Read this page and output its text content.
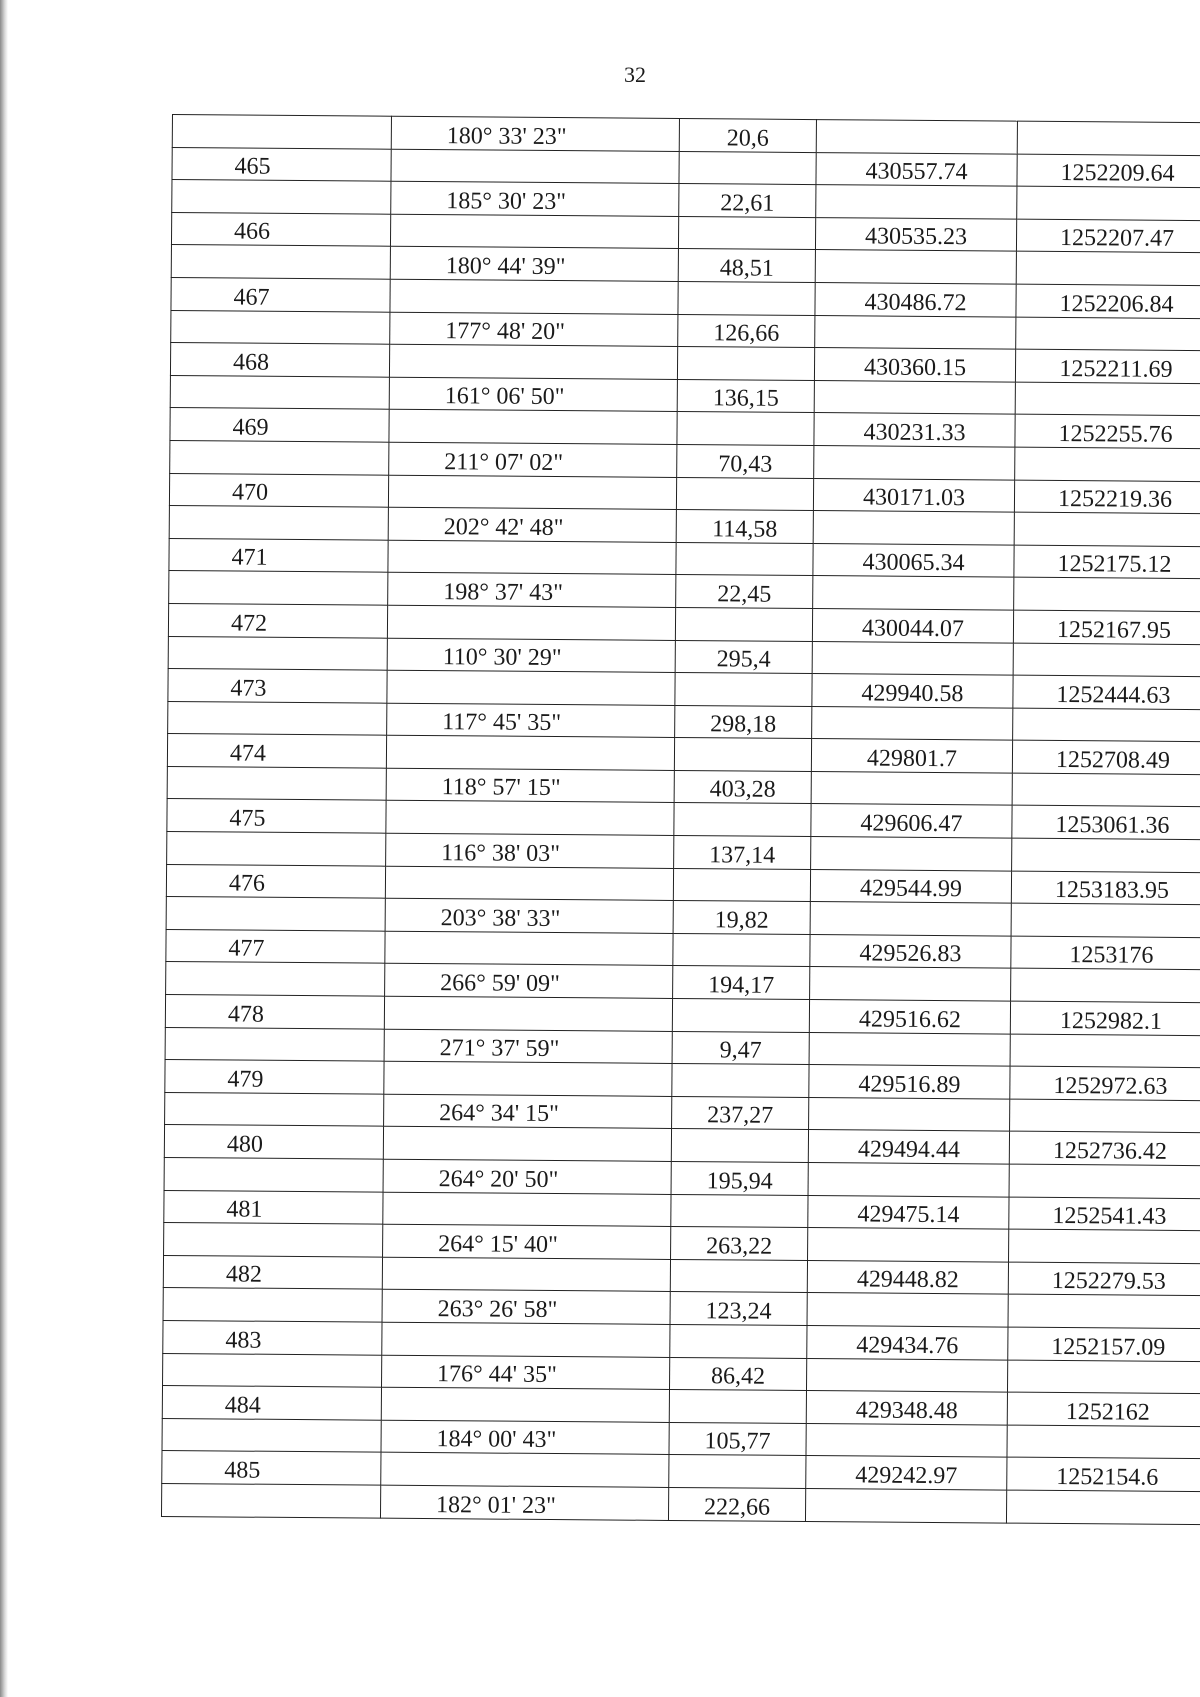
32
	180° 33' 23"	20,6		
465			430557.74	1252209.64
	185° 30' 23"	22,61		
466			430535.23	1252207.47
	180° 44' 39"	48,51		
467			430486.72	1252206.84
	177° 48' 20"	126,66		
468			430360.15	1252211.69
	161° 06' 50"	136,15		
469			430231.33	1252255.76
	211° 07' 02"	70,43		
470			430171.03	1252219.36
	202° 42' 48"	114,58		
471			430065.34	1252175.12
	198° 37' 43"	22,45		
472			430044.07	1252167.95
	110° 30' 29"	295,4		
473			429940.58	1252444.63
	117° 45' 35"	298,18		
474			429801.7	1252708.49
	118° 57' 15"	403,28		
475			429606.47	1253061.36
	116° 38' 03"	137,14		
476			429544.99	1253183.95
	203° 38' 33"	19,82		
477			429526.83	1253176
	266° 59' 09"	194,17		
478			429516.62	1252982.1
	271° 37' 59"	9,47		
479			429516.89	1252972.63
	264° 34' 15"	237,27		
480			429494.44	1252736.42
	264° 20' 50"	195,94		
481			429475.14	1252541.43
	264° 15' 40"	263,22		
482			429448.82	1252279.53
	263° 26' 58"	123,24		
483			429434.76	1252157.09
	176° 44' 35"	86,42		
484			429348.48	1252162
	184° 00' 43"	105,77		
485			429242.97	1252154.6
	182° 01' 23"	222,66		
